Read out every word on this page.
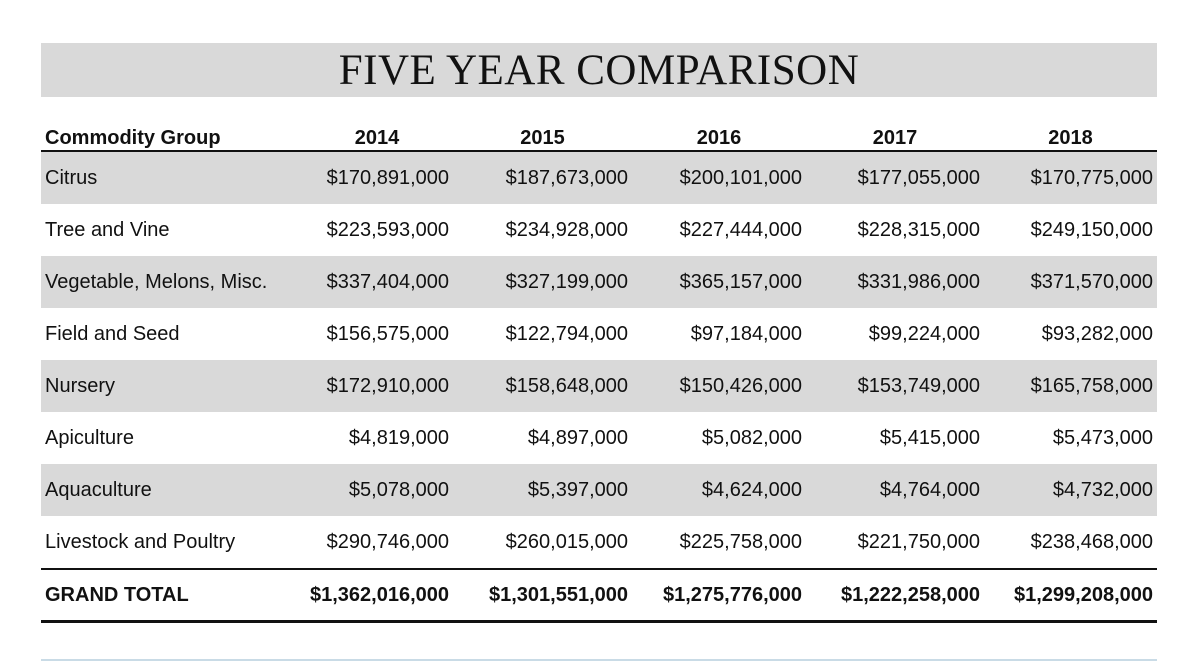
FIVE YEAR COMPARISON
Commodity Group	2014	2015	2016	2017	2018
Citrus	$170,891,000	$187,673,000	$200,101,000	$177,055,000	$170,775,000
Tree and Vine	$223,593,000	$234,928,000	$227,444,000	$228,315,000	$249,150,000
Vegetable, Melons, Misc.	$337,404,000	$327,199,000	$365,157,000	$331,986,000	$371,570,000
Field and Seed	$156,575,000	$122,794,000	$97,184,000	$99,224,000	$93,282,000
Nursery	$172,910,000	$158,648,000	$150,426,000	$153,749,000	$165,758,000
Apiculture	$4,819,000	$4,897,000	$5,082,000	$5,415,000	$5,473,000
Aquaculture	$5,078,000	$5,397,000	$4,624,000	$4,764,000	$4,732,000
Livestock and Poultry	$290,746,000	$260,015,000	$225,758,000	$221,750,000	$238,468,000
GRAND TOTAL	$1,362,016,000	$1,301,551,000	$1,275,776,000	$1,222,258,000	$1,299,208,000
